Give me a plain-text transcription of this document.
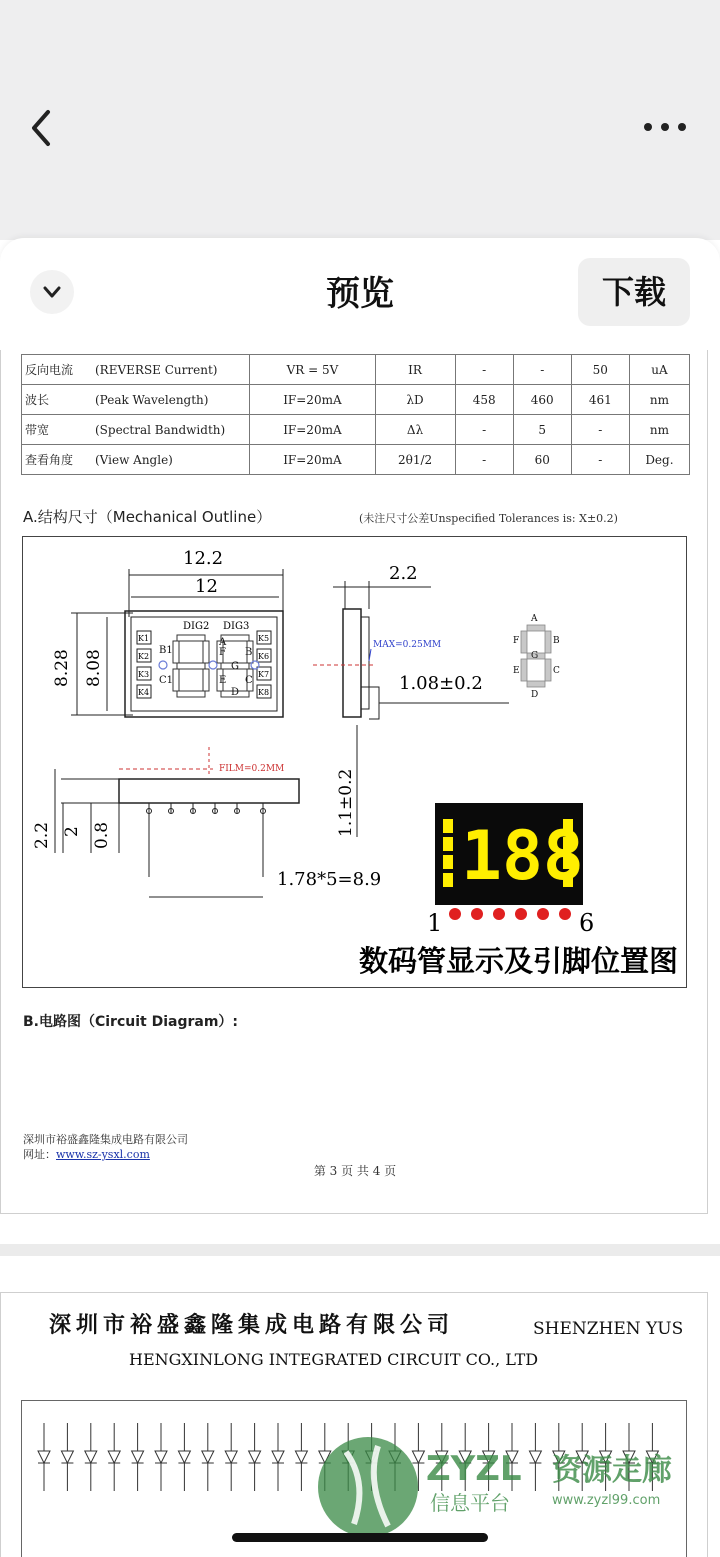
预览	下载
反向电流 (REVERSE Current)	VR = 5V	IR	-	-	50	uA
波长 (Peak Wavelength)	IF=20mA	λD	458	460	461	nm
带宽 (Spectral Bandwidth)	IF=20mA	Δλ	-	5	-	nm
查看角度 (View Angle)	IF=20mA	2θ1/2	-	60	-	Deg.
A.结构尺寸（Mechanical Outline）	(未注尺寸公差Unspecified Tolerances is: X±0.2)
12.2
12
8.28 8.08
DIG2 DIG3
K1
K2
K3
K4
K5
K6
K7
K8
B1
C1
A
F B
G
E C
D
2.2
MAX=0.25MM
1.08±0.2
1.1±0.2
A
F	B
G
E	C
D
FILM=0.2MM
2.2 2 0.8
1.78*5=8.9 188
1	6
数码管显示及引脚位置图
B.电路图（Circuit Diagram）:
深圳市裕盛鑫隆集成电路有限公司
网址：www.sz-ysxl.com
第 3 页 共 4 页
深圳市裕盛鑫隆集成电路有限公司	SHENZHEN YUS
HENGXINLONG INTEGRATED CIRCUIT CO., LTD
ZYZL 资源走廊
信息平台	www.zyzl99.com
